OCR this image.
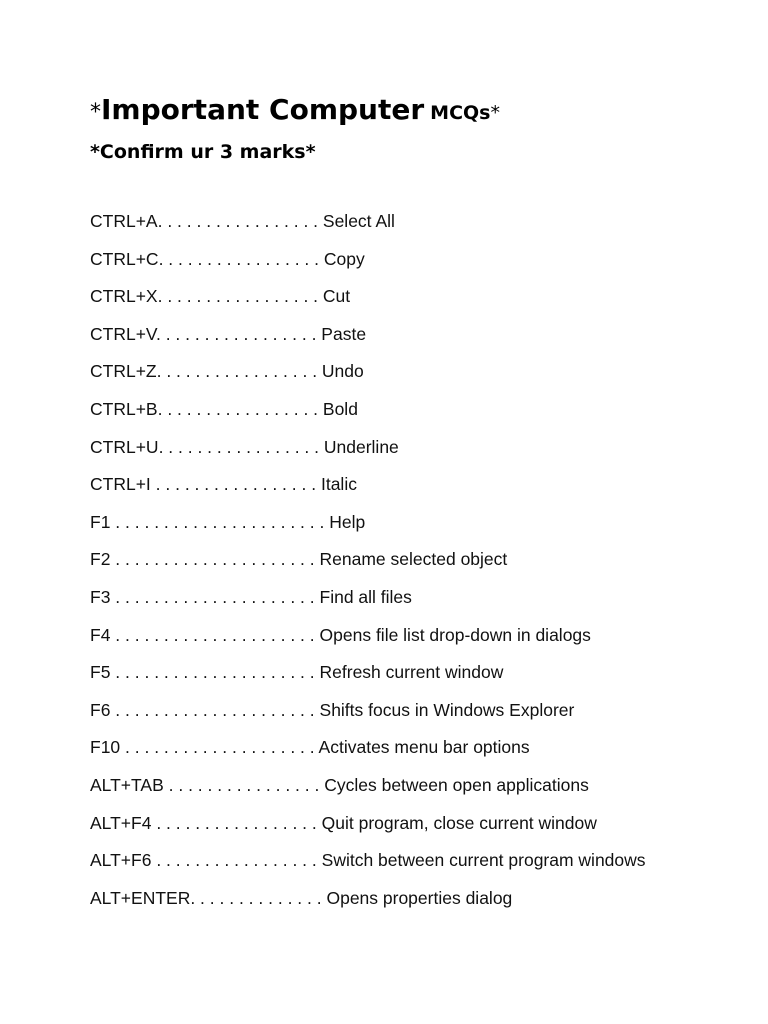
*Important Computer MCQs*
*Confirm ur 3 marks*
CTRL+A. . . . . . . . . . . . . . . . . Select All
CTRL+C. . . . . . . . . . . . . . . . . Copy
CTRL+X. . . . . . . . . . . . . . . . . Cut
CTRL+V. . . . . . . . . . . . . . . . . Paste
CTRL+Z. . . . . . . . . . . . . . . . . Undo
CTRL+B. . . . . . . . . . . . . . . . . Bold
CTRL+U. . . . . . . . . . . . . . . . . Underline
CTRL+I . . . . . . . . . . . . . . . . . Italic
F1 . . . . . . . . . . . . . . . . . . . . . . Help
F2 . . . . . . . . . . . . . . . . . . . . . Rename selected object
F3 . . . . . . . . . . . . . . . . . . . . . Find all files
F4 . . . . . . . . . . . . . . . . . . . . . Opens file list drop-down in dialogs
F5 . . . . . . . . . . . . . . . . . . . . . Refresh current window
F6 . . . . . . . . . . . . . . . . . . . . . Shifts focus in Windows Explorer
F10 . . . . . . . . . . . . . . . . . . . . Activates menu bar options
ALT+TAB . . . . . . . . . . . . . . . . Cycles between open applications
ALT+F4 . . . . . . . . . . . . . . . . . Quit program, close current window
ALT+F6 . . . . . . . . . . . . . . . . . Switch between current program windows
ALT+ENTER. . . . . . . . . . . . . . Opens properties dialog
